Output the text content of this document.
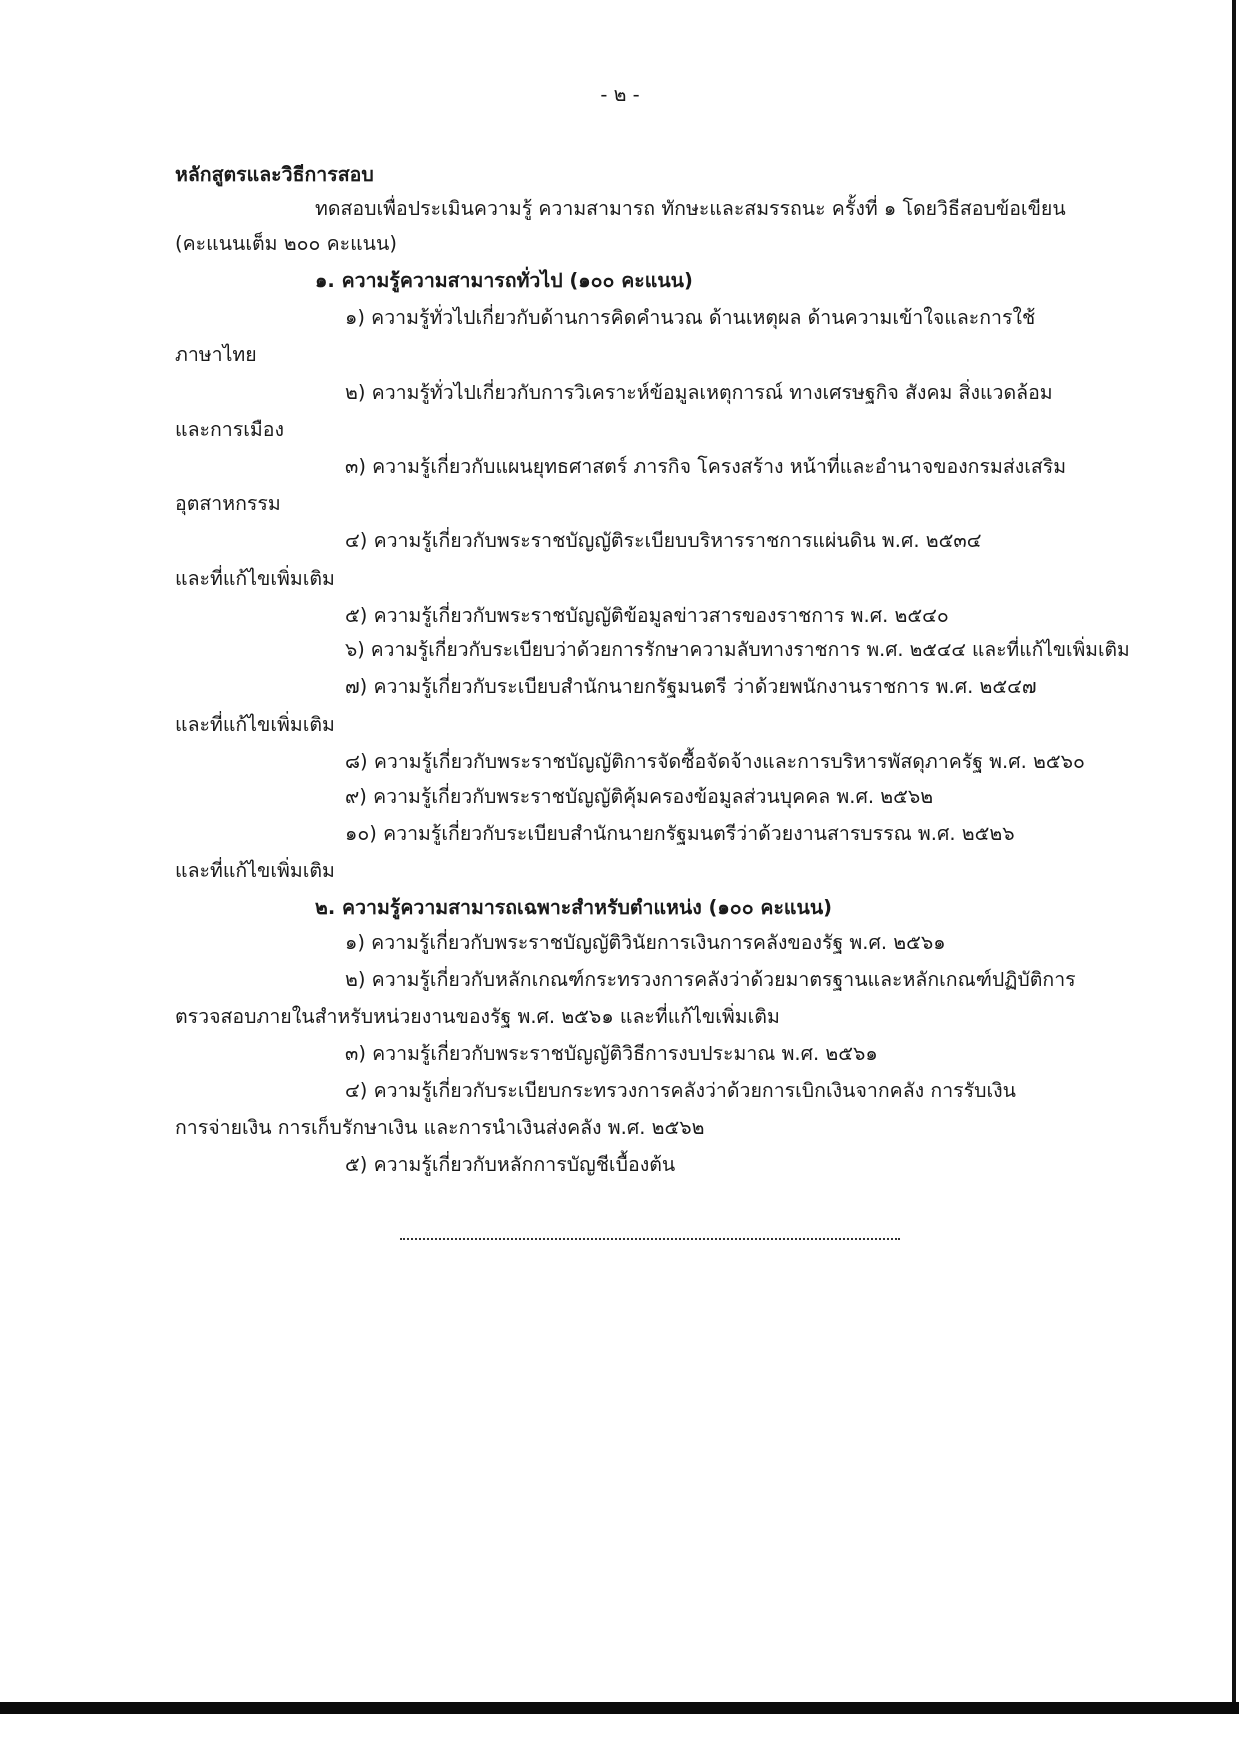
- ๒ -
หลักสูตรและวิธีการสอบ
ทดสอบเพื่อประเมินความรู้ ความสามารถ ทักษะและสมรรถนะ ครั้งที่ ๑ โดยวิธีสอบข้อเขียน
(คะแนนเต็ม ๒๐๐ คะแนน)
๑. ความรู้ความสามารถทั่วไป (๑๐๐ คะแนน)
๑) ความรู้ทั่วไปเกี่ยวกับด้านการคิดคำนวณ ด้านเหตุผล ด้านความเข้าใจและการใช้
ภาษาไทย
๒) ความรู้ทั่วไปเกี่ยวกับการวิเคราะห์ข้อมูลเหตุการณ์ ทางเศรษฐกิจ สังคม สิ่งแวดล้อม
และการเมือง
๓) ความรู้เกี่ยวกับแผนยุทธศาสตร์ ภารกิจ โครงสร้าง หน้าที่และอำนาจของกรมส่งเสริม
อุตสาหกรรม
๔) ความรู้เกี่ยวกับพระราชบัญญัติระเบียบบริหารราชการแผ่นดิน พ.ศ. ๒๕๓๔
และที่แก้ไขเพิ่มเติม
๕) ความรู้เกี่ยวกับพระราชบัญญัติข้อมูลข่าวสารของราชการ พ.ศ. ๒๕๔๐
๖) ความรู้เกี่ยวกับระเบียบว่าด้วยการรักษาความลับทางราชการ พ.ศ. ๒๕๔๔ และที่แก้ไขเพิ่มเติม
๗) ความรู้เกี่ยวกับระเบียบสำนักนายกรัฐมนตรี ว่าด้วยพนักงานราชการ พ.ศ. ๒๕๔๗
และที่แก้ไขเพิ่มเติม
๘) ความรู้เกี่ยวกับพระราชบัญญัติการจัดซื้อจัดจ้างและการบริหารพัสดุภาครัฐ พ.ศ. ๒๕๖๐
๙) ความรู้เกี่ยวกับพระราชบัญญัติคุ้มครองข้อมูลส่วนบุคคล พ.ศ. ๒๕๖๒
๑๐) ความรู้เกี่ยวกับระเบียบสำนักนายกรัฐมนตรีว่าด้วยงานสารบรรณ พ.ศ. ๒๕๒๖
และที่แก้ไขเพิ่มเติม
๒. ความรู้ความสามารถเฉพาะสำหรับตำแหน่ง (๑๐๐ คะแนน)
๑) ความรู้เกี่ยวกับพระราชบัญญัติวินัยการเงินการคลังของรัฐ พ.ศ. ๒๕๖๑
๒) ความรู้เกี่ยวกับหลักเกณฑ์กระทรวงการคลังว่าด้วยมาตรฐานและหลักเกณฑ์ปฏิบัติการ
ตรวจสอบภายในสำหรับหน่วยงานของรัฐ พ.ศ. ๒๕๖๑ และที่แก้ไขเพิ่มเติม
๓) ความรู้เกี่ยวกับพระราชบัญญัติวิธีการงบประมาณ พ.ศ. ๒๕๖๑
๔) ความรู้เกี่ยวกับระเบียบกระทรวงการคลังว่าด้วยการเบิกเงินจากคลัง การรับเงิน
การจ่ายเงิน การเก็บรักษาเงิน และการนำเงินส่งคลัง พ.ศ. ๒๕๖๒
๕) ความรู้เกี่ยวกับหลักการบัญชีเบื้องต้น
